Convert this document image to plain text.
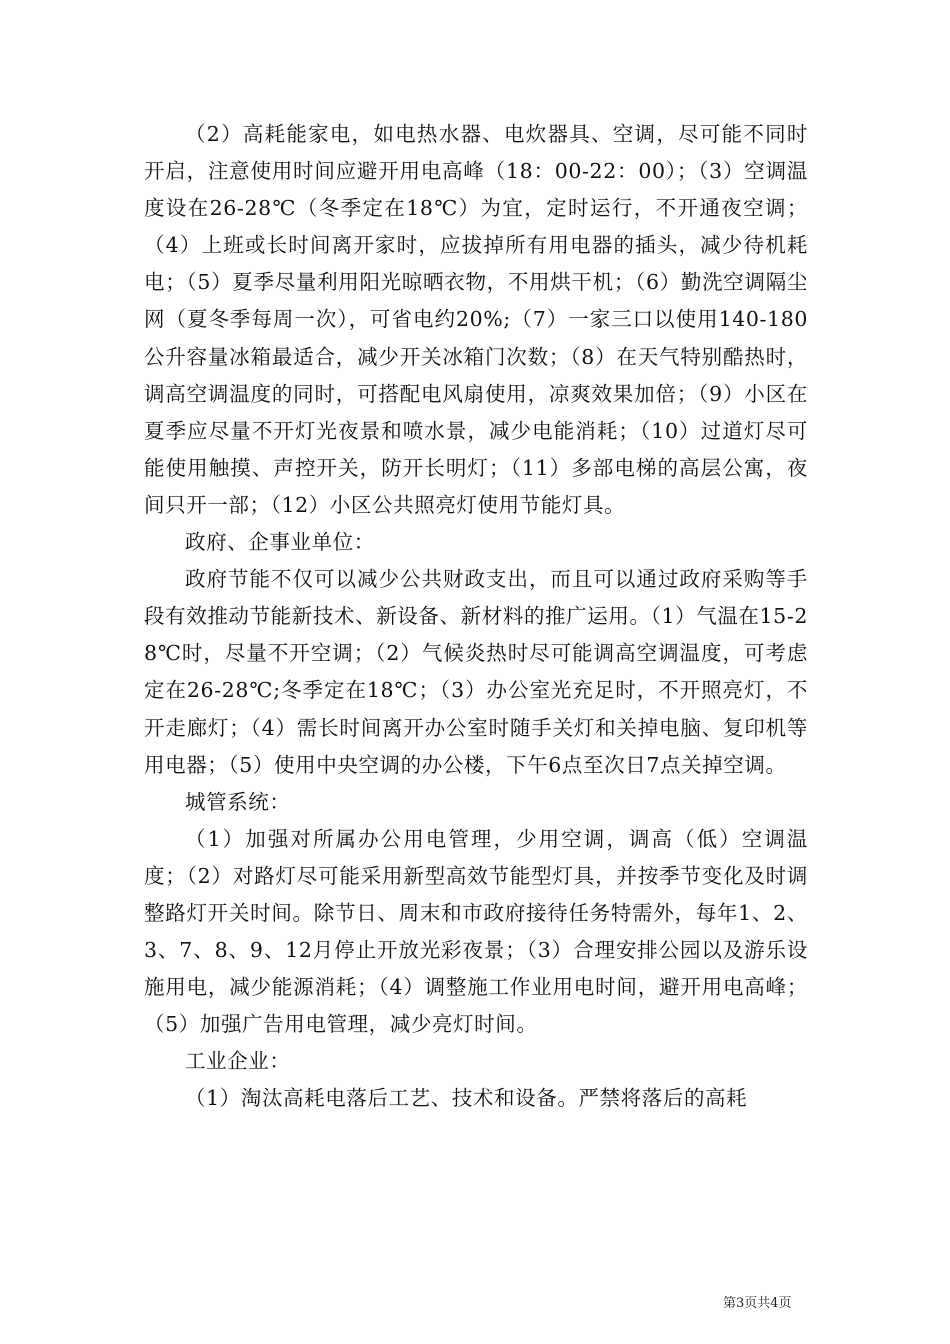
（2）高耗能家电，如电热水器、电炊器具、空调，尽可能不同时开启，注意使用时间应避开用电高峰（18：00-22：00）；（3）空调温度设在26-28℃（冬季定在18℃）为宜，定时运行，不开通夜空调；（4）上班或长时间离开家时，应拔掉所有用电器的插头，减少待机耗电；（5）夏季尽量利用阳光晾晒衣物，不用烘干机；（6）勤洗空调隔尘网（夏冬季每周一次），可省电约20%;（7）一家三口以使用140-180公升容量冰箱最适合，减少开关冰箱门次数；（8）在天气特别酷热时，调高空调温度的同时，可搭配电风扇使用，凉爽效果加倍；（9）小区在夏季应尽量不开灯光夜景和喷水景，减少电能消耗；（10）过道灯尽可能使用触摸、声控开关，防开长明灯；（11）多部电梯的高层公寓，夜间只开一部；（12）小区公共照亮灯使用节能灯具。

政府、企事业单位：

政府节能不仅可以减少公共财政支出，而且可以通过政府采购等手段有效推动节能新技术、新设备、新材料的推广运用。（1）气温在15-28℃时，尽量不开空调；（2）气候炎热时尽可能调高空调温度，可考虑定在26-28℃;冬季定在18℃；（3）办公室光充足时，不开照亮灯，不开走廊灯；（4）需长时间离开办公室时随手关灯和关掉电脑、复印机等用电器；（5）使用中央空调的办公楼，下午6点至次日7点关掉空调。

城管系统：

（1）加强对所属办公用电管理，少用空调，调高（低）空调温度；（2）对路灯尽可能采用新型高效节能型灯具，并按季节变化及时调整路灯开关时间。除节日、周末和市政府接待任务特需外，每年1、2、3、7、8、9、12月停止开放光彩夜景；（3）合理安排公园以及游乐设施用电，减少能源消耗；（4）调整施工作业用电时间，避开用电高峰；（5）加强广告用电管理，减少亮灯时间。

工业企业：

（1）淘汰高耗电落后工艺、技术和设备。严禁将落后的高耗

第3页共4页
